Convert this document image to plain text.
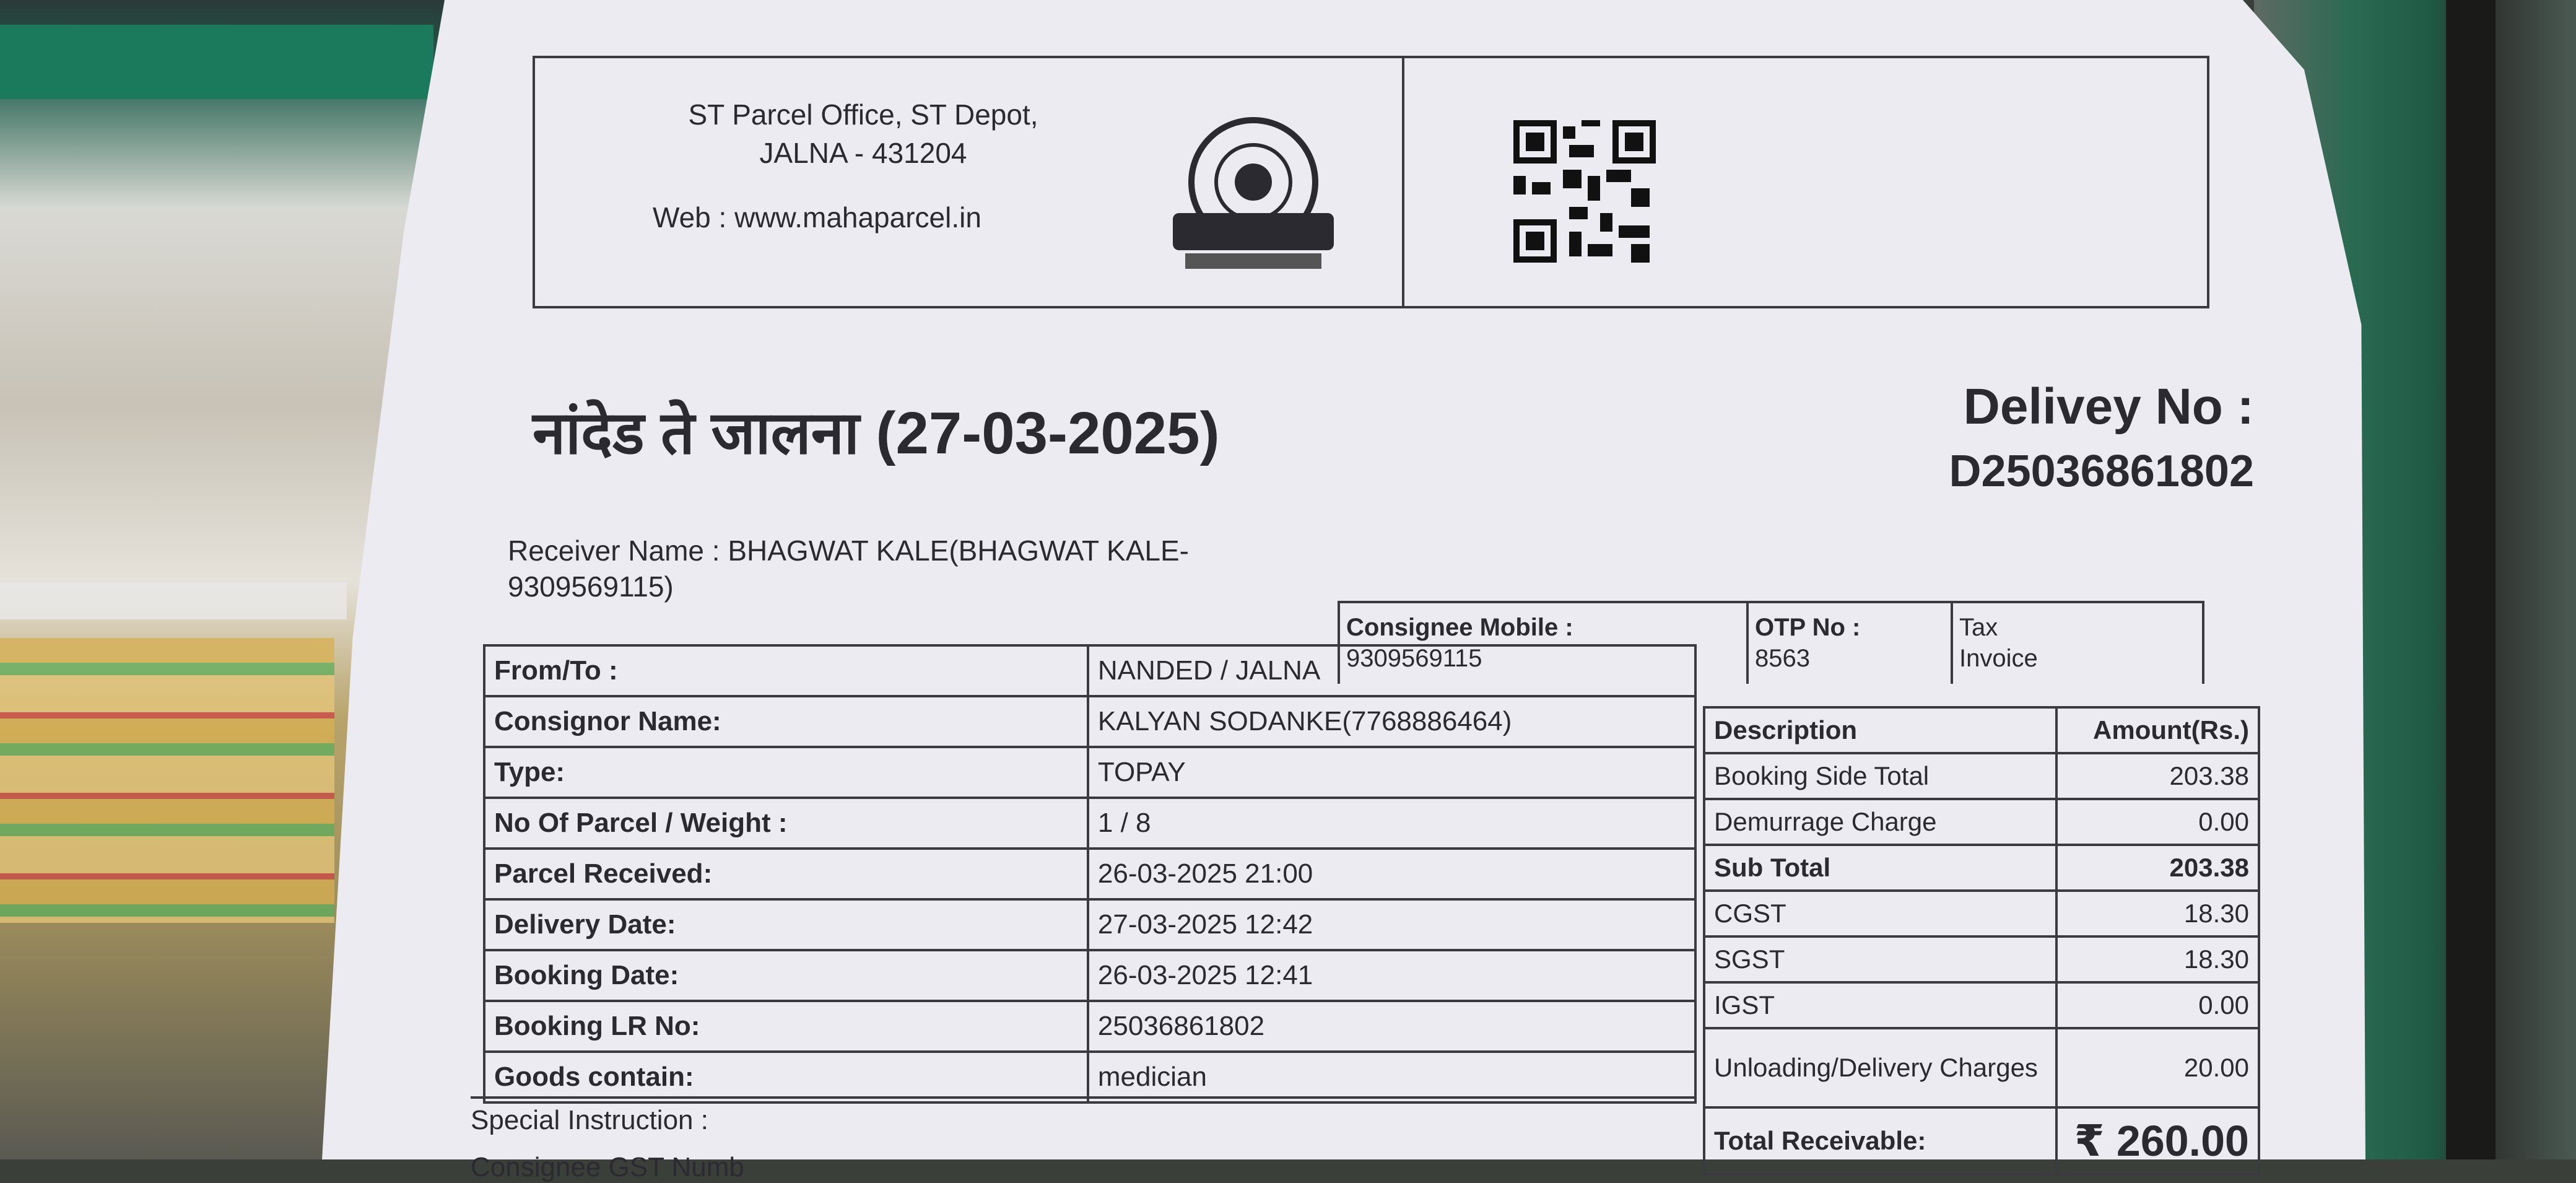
ST Parcel Office, ST Depot,
JALNA - 431204
Web : www.mahaparcel.in
नांदेड ते जालना (27-03-2025)	Delivey No :
D25036861802
Receiver Name : BHAGWAT KALE(BHAGWAT KALE-
9309569115)
Consignee Mobile :
9309569115
OTP No :
8563
Tax
Invoice
From/To :	NANDED / JALNA
Consignor Name:	KALYAN SODANKE(7768886464)
Type:	TOPAY
No Of Parcel / Weight :	1 / 8
Parcel Received:	26-03-2025 21:00
Delivery Date:	27-03-2025 12:42
Booking Date:	26-03-2025 12:41
Booking LR No:	25036861802
Goods contain:	medician
Description	Amount(Rs.)
Booking Side Total	203.38
Demurrage Charge	0.00
Sub Total	203.38
CGST	18.30
SGST	18.30
IGST	0.00
Unloading/Delivery Charges	20.00
Total Receivable:	₹ 260.00
Special Instruction :
Consignee GST Numb
